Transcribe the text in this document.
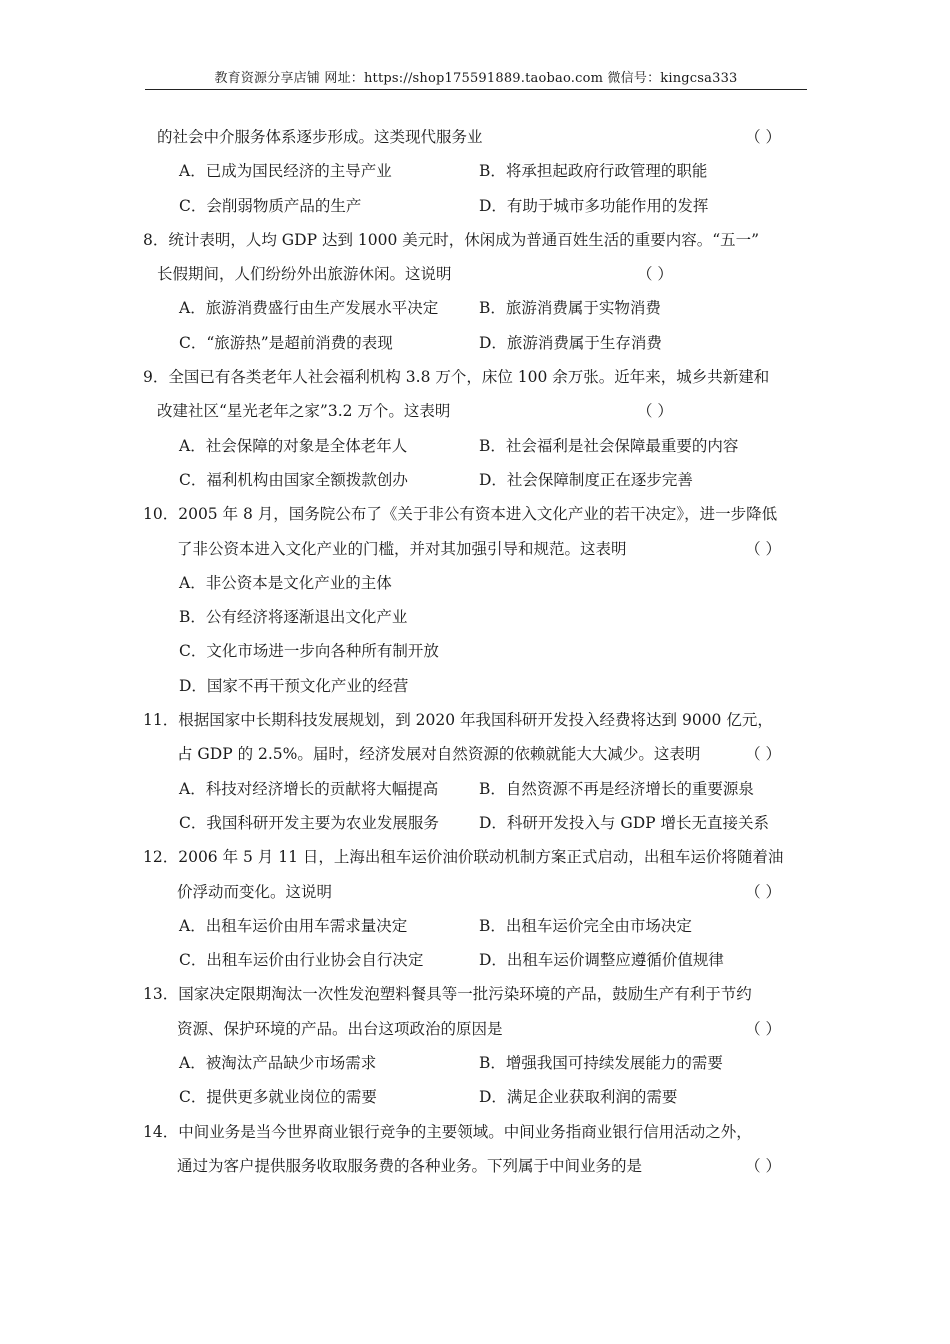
教育资源分享店铺 网址：https://shop175591889.taobao.com 微信号：kingcsa333
的社会中介服务体系逐步形成。这类现代服务业	（ ）
A．已成为国民经济的主导产业	B．将承担起政府行政管理的职能
C．会削弱物质产品的生产	D．有助于城市多功能作用的发挥
8．统计表明，人均 GDP 达到 1000 美元时，休闲成为普通百姓生活的重要内容。“五一”
长假期间，人们纷纷外出旅游休闲。这说明	（ ）
A．旅游消费盛行由生产发展水平决定	B．旅游消费属于实物消费
C．“旅游热”是超前消费的表现	D．旅游消费属于生存消费
9．全国已有各类老年人社会福利机构 3.8 万个，床位 100 余万张。近年来，城乡共新建和
改建社区“星光老年之家”3.2 万个。这表明	（ ）
A．社会保障的对象是全体老年人	B．社会福利是社会保障最重要的内容
C．福利机构由国家全额拨款创办	D．社会保障制度正在逐步完善
10．2005 年 8 月，国务院公布了《关于非公有资本进入文化产业的若干决定》，进一步降低
了非公资本进入文化产业的门槛，并对其加强引导和规范。这表明	（ ）
A．非公资本是文化产业的主体
B．公有经济将逐渐退出文化产业
C．文化市场进一步向各种所有制开放
D．国家不再干预文化产业的经营
11．根据国家中长期科技发展规划，到 2020 年我国科研开发投入经费将达到 9000 亿元，
占 GDP 的 2.5%。届时，经济发展对自然资源的依赖就能大大减少。这表明	（ ）
A．科技对经济增长的贡献将大幅提高	B．自然资源不再是经济增长的重要源泉
C．我国科研开发主要为农业发展服务	D．科研开发投入与 GDP 增长无直接关系
12．2006 年 5 月 11 日，上海出租车运价油价联动机制方案正式启动，出租车运价将随着油
价浮动而变化。这说明	（ ）
A．出租车运价由用车需求量决定	B．出租车运价完全由市场决定
C．出租车运价由行业协会自行决定	D．出租车运价调整应遵循价值规律
13．国家决定限期淘汰一次性发泡塑料餐具等一批污染环境的产品，鼓励生产有利于节约
资源、保护环境的产品。出台这项政治的原因是	（ ）
A．被淘汰产品缺少市场需求	B．增强我国可持续发展能力的需要
C．提供更多就业岗位的需要	D．满足企业获取利润的需要
14．中间业务是当今世界商业银行竞争的主要领域。中间业务指商业银行信用活动之外，
通过为客户提供服务收取服务费的各种业务。下列属于中间业务的是	（ ）
